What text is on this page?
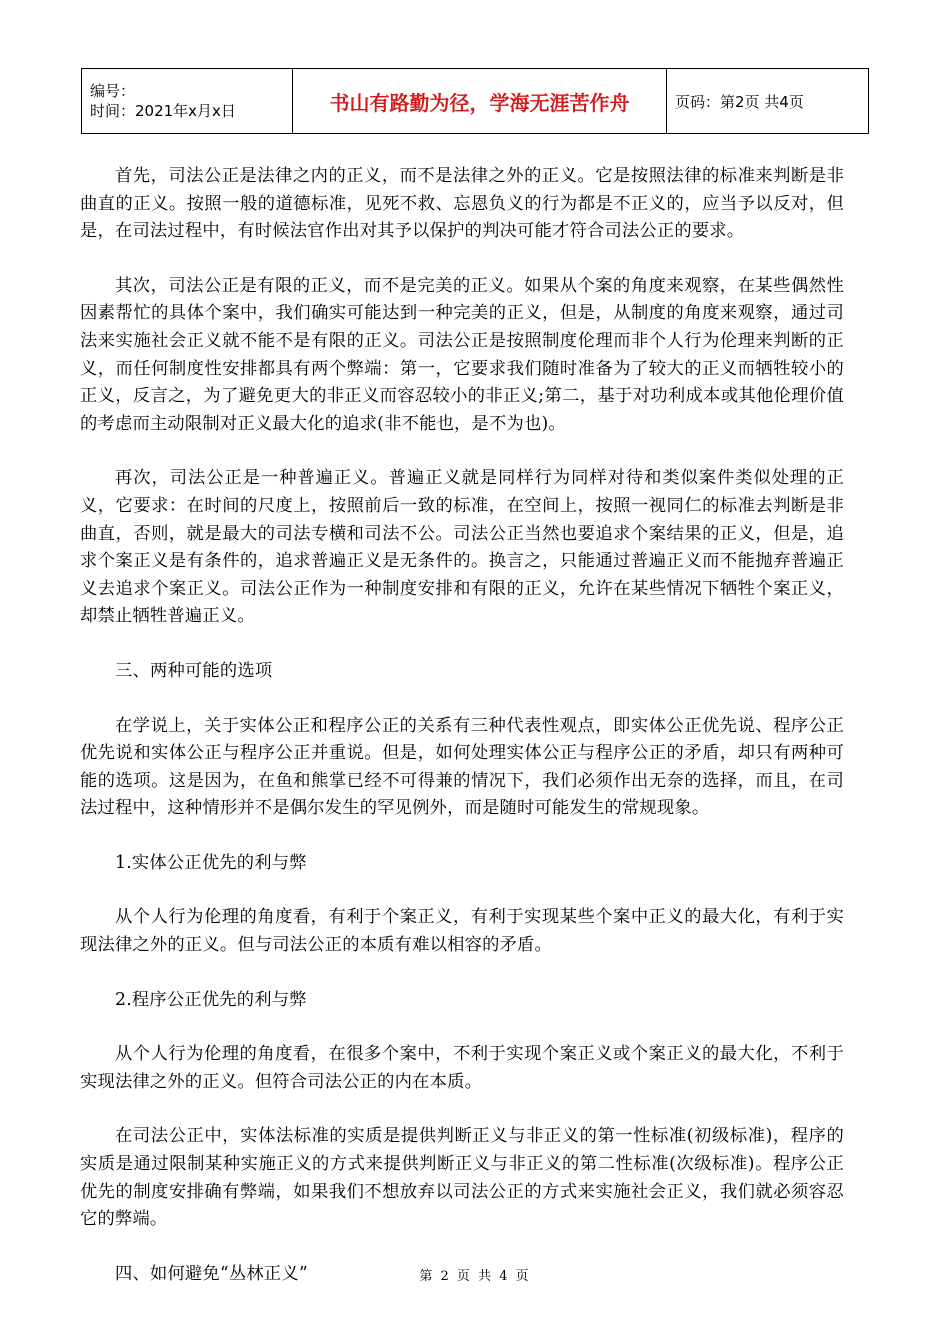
编号：
时间：2021年x月x日	书山有路勤为径，学海无涯苦作舟	页码：第2页 共4页

首先，司法公正是法律之内的正义，而不是法律之外的正义。它是按照法律的标准来判断是非曲直的正义。按照一般的道德标准，见死不救、忘恩负义的行为都是不正义的，应当予以反对，但是，在司法过程中，有时候法官作出对其予以保护的判决可能才符合司法公正的要求。

其次，司法公正是有限的正义，而不是完美的正义。如果从个案的角度来观察，在某些偶然性因素帮忙的具体个案中，我们确实可能达到一种完美的正义，但是，从制度的角度来观察，通过司法来实施社会正义就不能不是有限的正义。司法公正是按照制度伦理而非个人行为伦理来判断的正义，而任何制度性安排都具有两个弊端：第一，它要求我们随时准备为了较大的正义而牺牲较小的正义，反言之，为了避免更大的非正义而容忍较小的非正义;第二，基于对功利成本或其他伦理价值的考虑而主动限制对正义最大化的追求(非不能也，是不为也)。

再次，司法公正是一种普遍正义。普遍正义就是同样行为同样对待和类似案件类似处理的正义，它要求：在时间的尺度上，按照前后一致的标准，在空间上，按照一视同仁的标准去判断是非曲直，否则，就是最大的司法专横和司法不公。司法公正当然也要追求个案结果的正义，但是，追求个案正义是有条件的，追求普遍正义是无条件的。换言之，只能通过普遍正义而不能抛弃普遍正义去追求个案正义。司法公正作为一种制度安排和有限的正义，允许在某些情况下牺牲个案正义，却禁止牺牲普遍正义。

三、两种可能的选项

在学说上，关于实体公正和程序公正的关系有三种代表性观点，即实体公正优先说、程序公正优先说和实体公正与程序公正并重说。但是，如何处理实体公正与程序公正的矛盾，却只有两种可能的选项。这是因为，在鱼和熊掌已经不可得兼的情况下，我们必须作出无奈的选择，而且，在司法过程中，这种情形并不是偶尔发生的罕见例外，而是随时可能发生的常规现象。

1.实体公正优先的利与弊

从个人行为伦理的角度看，有利于个案正义，有利于实现某些个案中正义的最大化，有利于实现法律之外的正义。但与司法公正的本质有难以相容的矛盾。

2.程序公正优先的利与弊

从个人行为伦理的角度看，在很多个案中，不利于实现个案正义或个案正义的最大化，不利于实现法律之外的正义。但符合司法公正的内在本质。

在司法公正中，实体法标准的实质是提供判断正义与非正义的第一性标准(初级标准)，程序的实质是通过限制某种实施正义的方式来提供判断正义与非正义的第二性标准(次级标准)。程序公正优先的制度安排确有弊端，如果我们不想放弃以司法公正的方式来实施社会正义，我们就必须容忍它的弊端。

四、如何避免“丛林正义”	第 2 页 共 4 页
